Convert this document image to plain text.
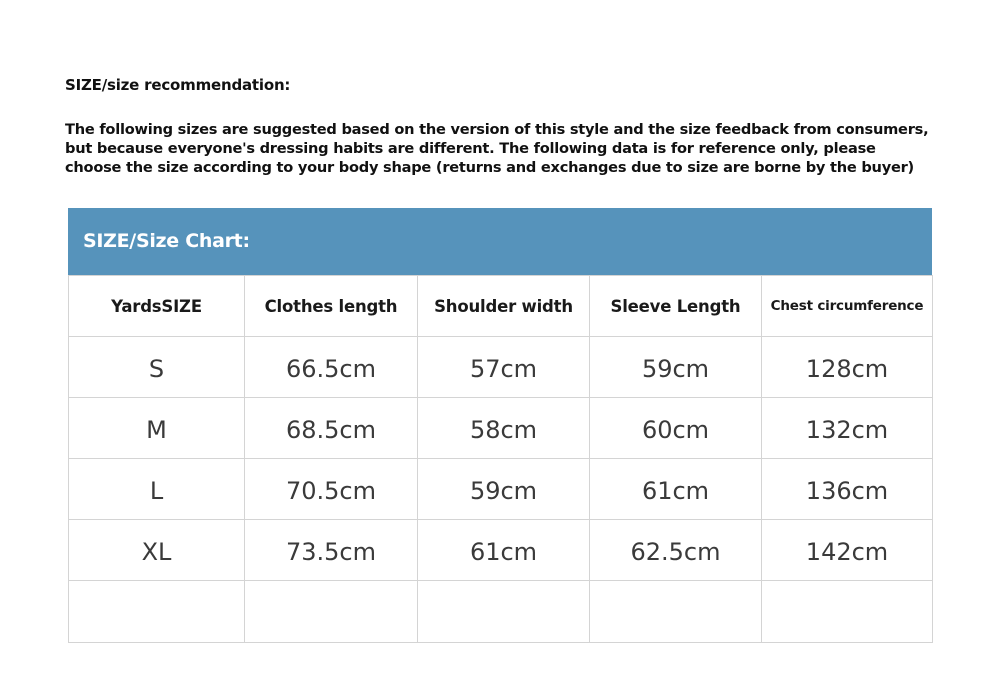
SIZE/size recommendation:
The following sizes are suggested based on the version of this style and the size feedback from consumers,
but because everyone's dressing habits are different. The following data is for reference only, please
choose the size according to your body shape (returns and exchanges due to size are borne by the buyer)
SIZE/Size Chart:
YardsSIZE	Clothes length	Shoulder width	Sleeve Length	Chest circumference
S	66.5cm	57cm	59cm	128cm
M	68.5cm	58cm	60cm	132cm
L	70.5cm	59cm	61cm	136cm
XL	73.5cm	61cm	62.5cm	142cm
